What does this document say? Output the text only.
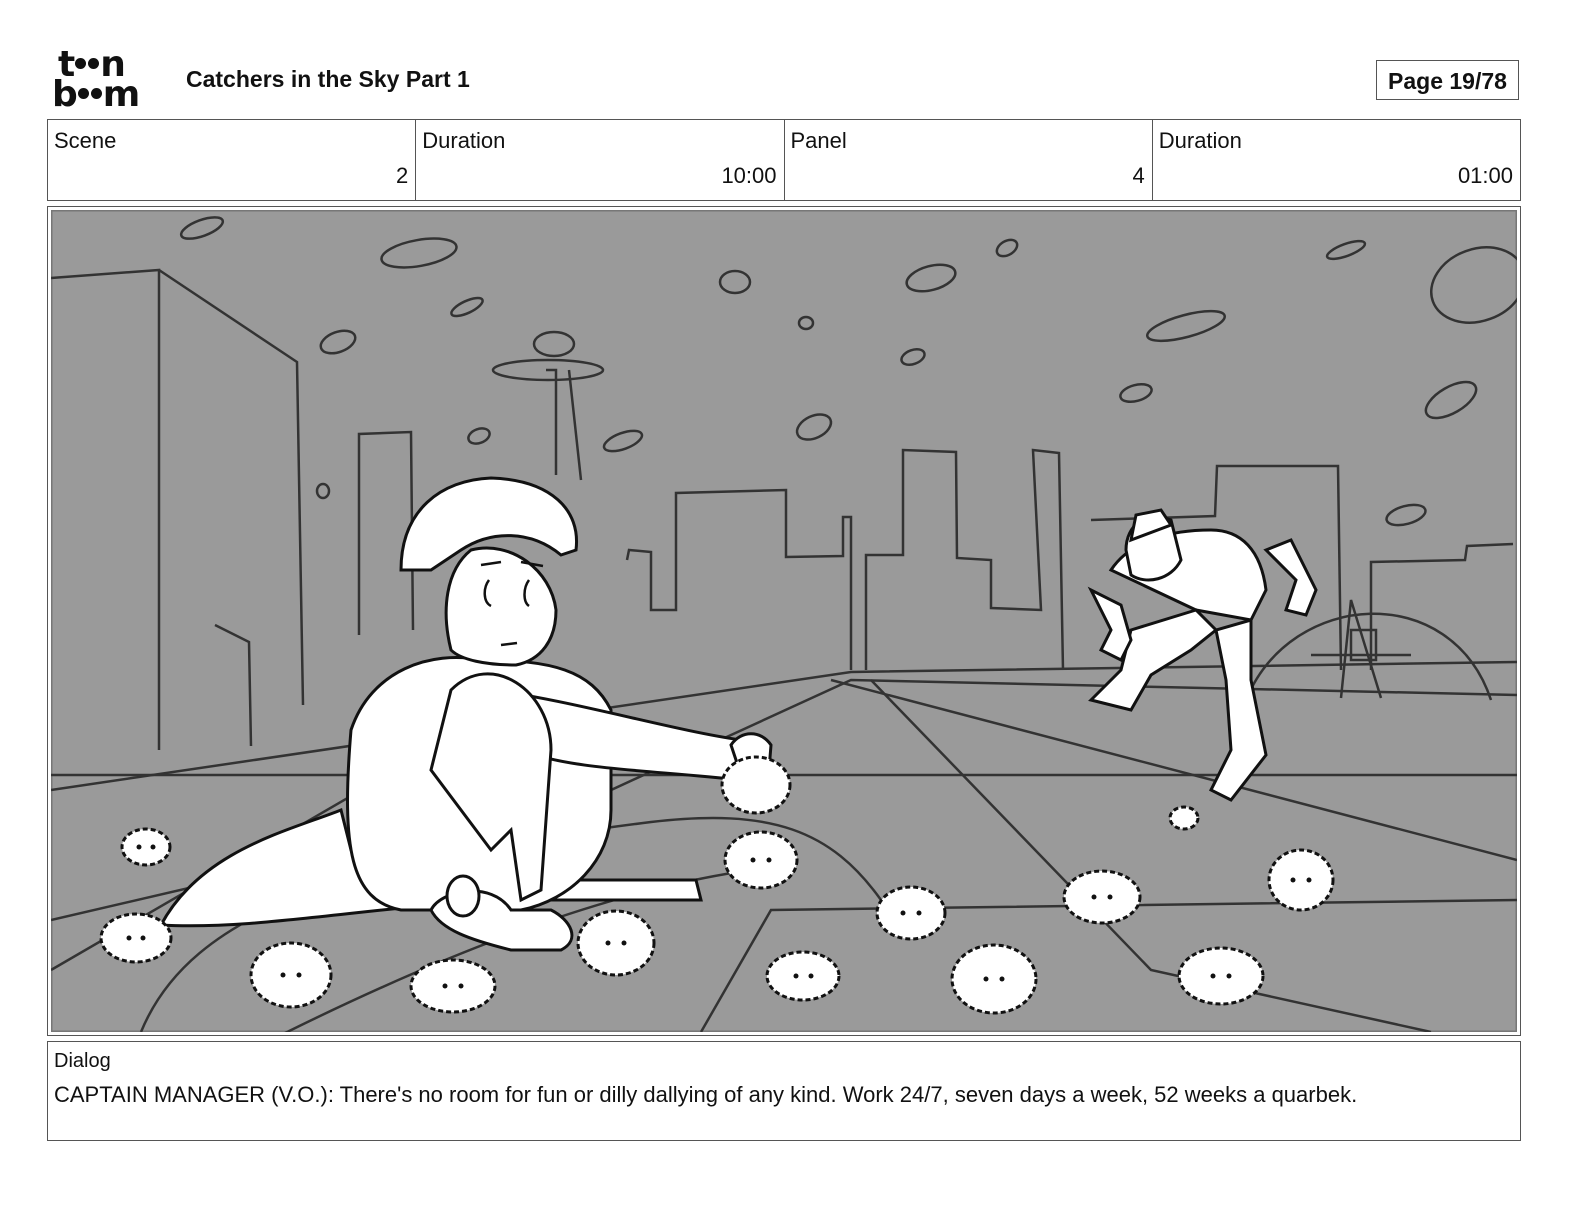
t n
b m Catchers in the Sky Part 1	Page 19/78
Scene
2
Duration
10:00
Panel
4
Duration
01:00
Dialog
CAPTAIN MANAGER (V.O.): There's no room for fun or dilly dallying of any kind. Work 24/7, seven days a week, 52 weeks a quarbek.
